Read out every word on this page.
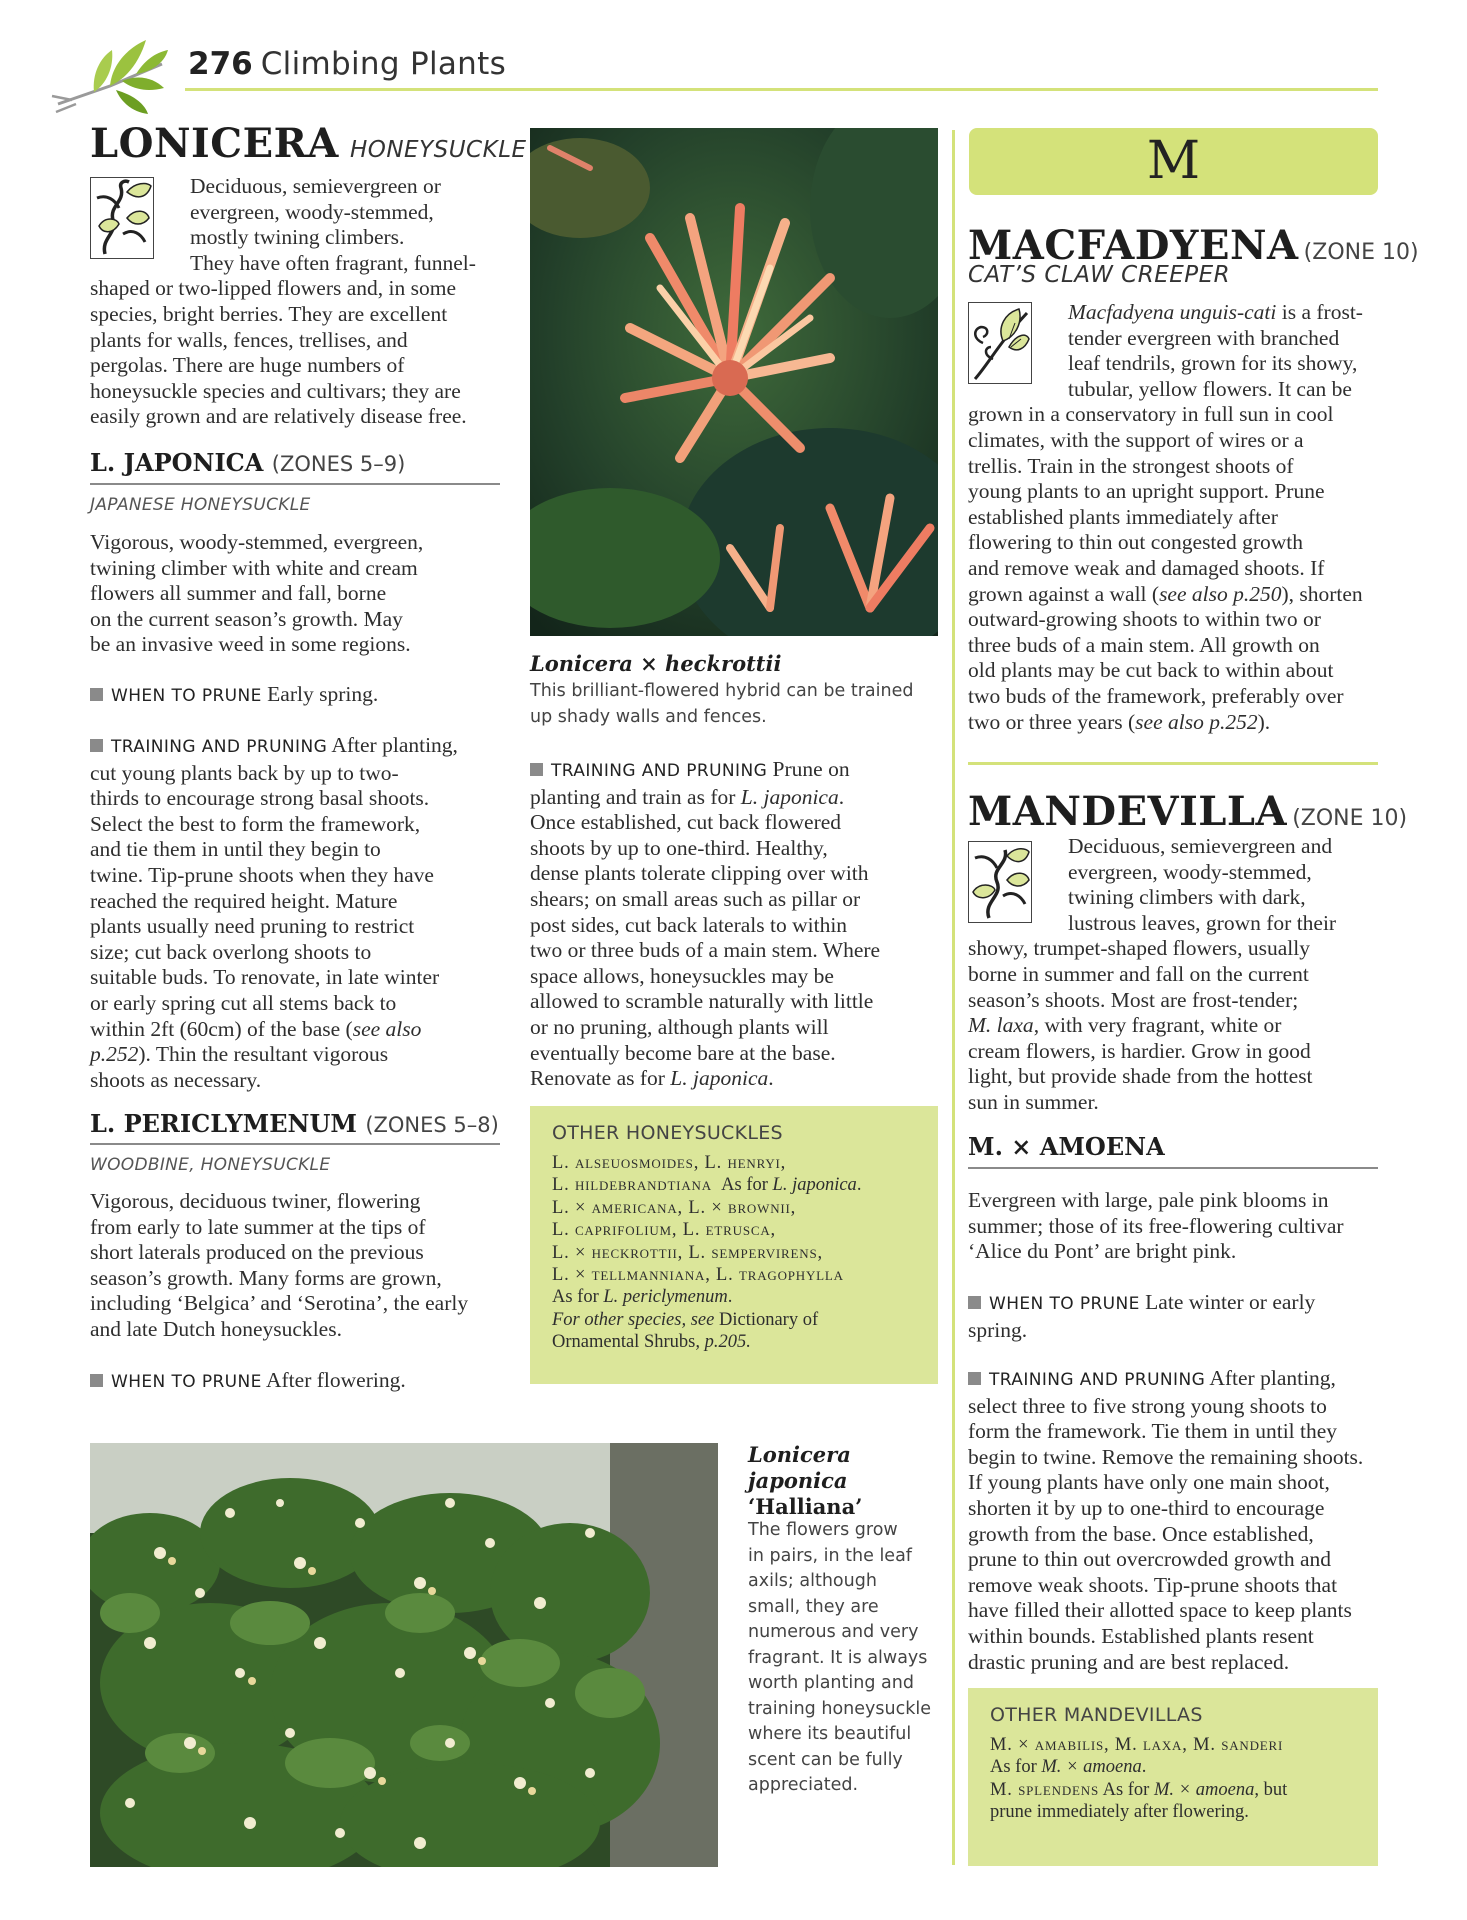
276 Climbing Plants
LONICERA HONEYSUCKLE
Deciduous, semievergreen or
evergreen, woody-stemmed,
mostly twining climbers.
They have often fragrant, funnel-
shaped or two-lipped flowers and, in some
species, bright berries. They are excellent
plants for walls, fences, trellises, and
pergolas. There are huge numbers of
honeysuckle species and cultivars; they are
easily grown and are relatively disease free.
L. JAPONICA (ZONES 5–9)
JAPANESE HONEYSUCKLE
Vigorous, woody-stemmed, evergreen,
twining climber with white and cream
flowers all summer and fall, borne
on the current season’s growth. May
be an invasive weed in some regions.
WHEN TO PRUNE Early spring.
TRAINING AND PRUNING After planting,
cut young plants back by up to two-
thirds to encourage strong basal shoots.
Select the best to form the framework,
and tie them in until they begin to
twine. Tip-prune shoots when they have
reached the required height. Mature
plants usually need pruning to restrict
size; cut back overlong shoots to
suitable buds. To renovate, in late winter
or early spring cut all stems back to
within 2ft (60cm) of the base (see also
p.252). Thin the resultant vigorous
shoots as necessary.
L. PERICLYMENUM (ZONES 5–8)
WOODBINE, HONEYSUCKLE
Vigorous, deciduous twiner, flowering
from early to late summer at the tips of
short laterals produced on the previous
season’s growth. Many forms are grown,
including ‘Belgica’ and ‘Serotina’, the early
and late Dutch honeysuckles.
WHEN TO PRUNE After flowering.
Lonicera × heckrottii
This brilliant-flowered hybrid can be trained
up shady walls and fences.
TRAINING AND PRUNING Prune on
planting and train as for L. japonica.
Once established, cut back flowered
shoots by up to one-third. Healthy,
dense plants tolerate clipping over with
shears; on small areas such as pillar or
post sides, cut back laterals to within
two or three buds of a main stem. Where
space allows, honeysuckles may be
allowed to scramble naturally with little
or no pruning, although plants will
eventually become bare at the base.
Renovate as for L. japonica.
OTHER HONEYSUCKLES
L. alseuosmoides, L. henryi,
L. hildebrandtiana As for L. japonica.
L. × americana, L. × brownii,
L. caprifolium, L. etrusca,
L. × heckrottii, L. sempervirens,
L. × tellmanniana, L. tragophylla
As for L. periclymenum.
For other species, see Dictionary of
Ornamental Shrubs, p.205.
Lonicera
japonica
‘Halliana’
The flowers grow
in pairs, in the leaf
axils; although
small, they are
numerous and very
fragrant. It is always
worth planting and
training honeysuckle
where its beautiful
scent can be fully
appreciated.
M
MACFADYENA (ZONE 10)
CAT’S CLAW CREEPER
Macfadyena unguis-cati is a frost-
tender evergreen with branched
leaf tendrils, grown for its showy,
tubular, yellow flowers. It can be
grown in a conservatory in full sun in cool
climates, with the support of wires or a
trellis. Train in the strongest shoots of
young plants to an upright support. Prune
established plants immediately after
flowering to thin out congested growth
and remove weak and damaged shoots. If
grown against a wall (see also p.250), shorten
outward-growing shoots to within two or
three buds of a main stem. All growth on
old plants may be cut back to within about
two buds of the framework, preferably over
two or three years (see also p.252).
MANDEVILLA (ZONE 10)
Deciduous, semievergreen and
evergreen, woody-stemmed,
twining climbers with dark,
lustrous leaves, grown for their
showy, trumpet-shaped flowers, usually
borne in summer and fall on the current
season’s shoots. Most are frost-tender;
M. laxa, with very fragrant, white or
cream flowers, is hardier. Grow in good
light, but provide shade from the hottest
sun in summer.
M. × AMOENA
Evergreen with large, pale pink blooms in
summer; those of its free-flowering cultivar
‘Alice du Pont’ are bright pink.
WHEN TO PRUNE Late winter or early
spring.
TRAINING AND PRUNING After planting,
select three to five strong young shoots to
form the framework. Tie them in until they
begin to twine. Remove the remaining shoots.
If young plants have only one main shoot,
shorten it by up to one-third to encourage
growth from the base. Once established,
prune to thin out overcrowded growth and
remove weak shoots. Tip-prune shoots that
have filled their allotted space to keep plants
within bounds. Established plants resent
drastic pruning and are best replaced.
OTHER MANDEVILLAS
M. × amabilis, M. laxa, M. sanderi
As for M. × amoena.
M. splendens As for M. × amoena, but
prune immediately after flowering.
